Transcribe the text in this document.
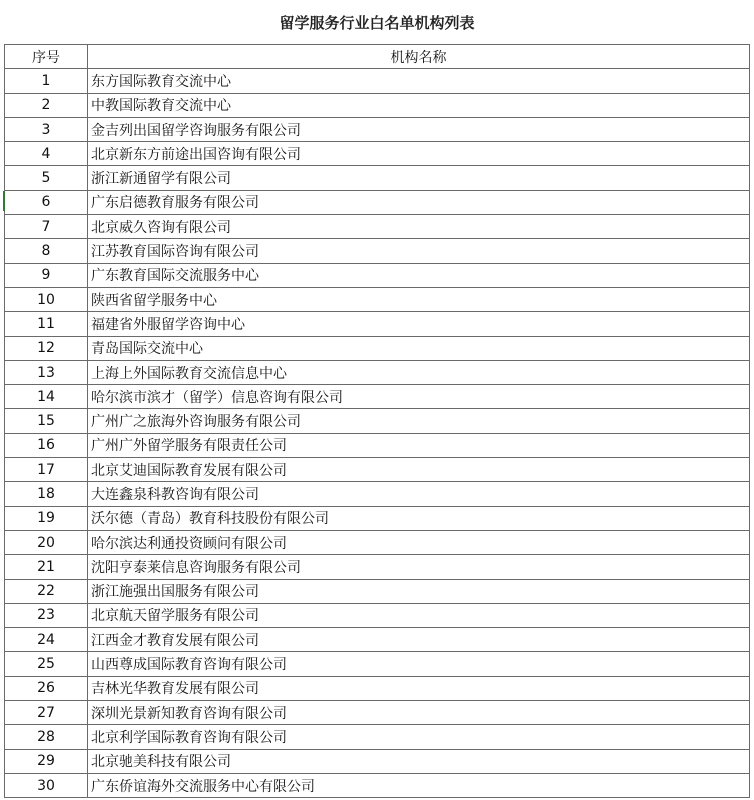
留学服务行业白名单机构列表
序号	机构名称
1	东方国际教育交流中心
2	中教国际教育交流中心
3	金吉列出国留学咨询服务有限公司
4	北京新东方前途出国咨询有限公司
5	浙江新通留学有限公司
6	广东启德教育服务有限公司
7	北京威久咨询有限公司
8	江苏教育国际咨询有限公司
9	广东教育国际交流服务中心
10	陕西省留学服务中心
11	福建省外服留学咨询中心
12	青岛国际交流中心
13	上海上外国际教育交流信息中心
14	哈尔滨市滨才（留学）信息咨询有限公司
15	广州广之旅海外咨询服务有限公司
16	广州广外留学服务有限责任公司
17	北京艾迪国际教育发展有限公司
18	大连鑫泉科教咨询有限公司
19	沃尔德（青岛）教育科技股份有限公司
20	哈尔滨达利通投资顾问有限公司
21	沈阳亨泰莱信息咨询服务有限公司
22	浙江施强出国服务有限公司
23	北京航天留学服务有限公司
24	江西金才教育发展有限公司
25	山西尊成国际教育咨询有限公司
26	吉林光华教育发展有限公司
27	深圳光景新知教育咨询有限公司
28	北京利学国际教育咨询有限公司
29	北京驰美科技有限公司
30	广东侨谊海外交流服务中心有限公司
